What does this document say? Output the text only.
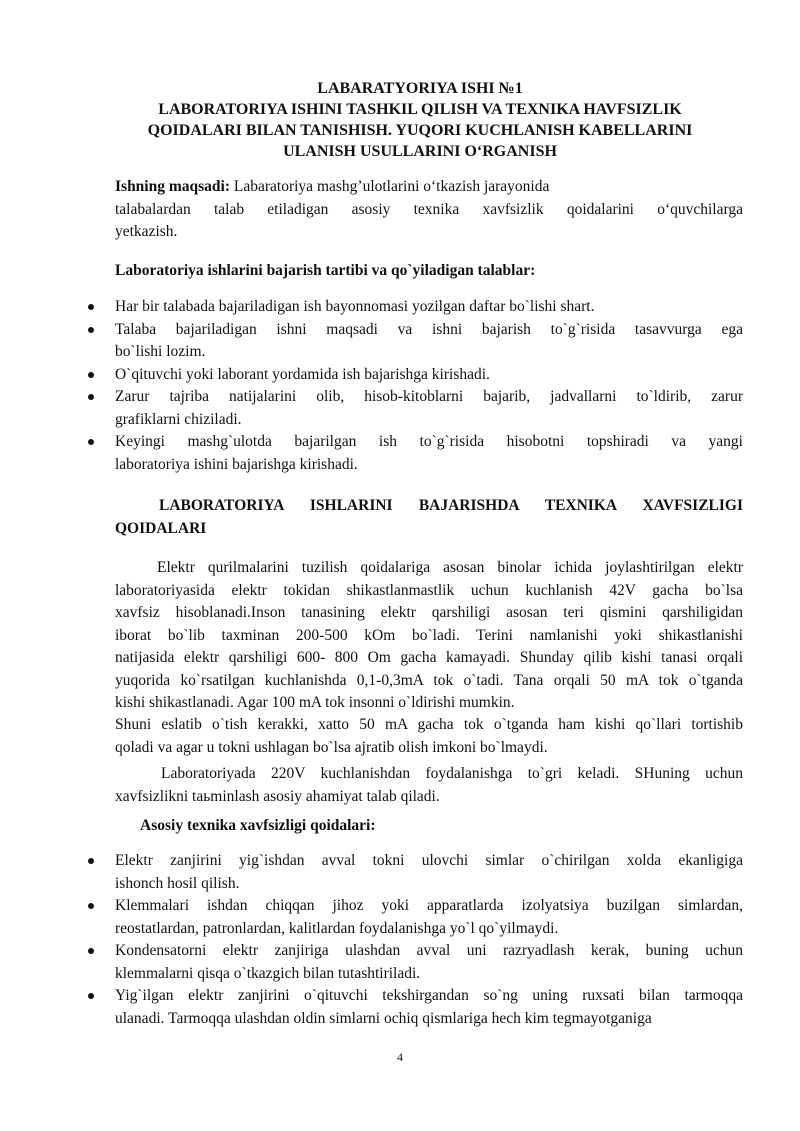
LABARATYORIYA ISHI №1
LABORATORIYA ISHINI TASHKIL QILISH VA TEXNIKA HAVFSIZLIK
QOIDALARI BILAN TANISHISH. YUQORI KUCHLANISH KABELLARINI
ULANISH USULLARINI OʻRGANISH
Ishning maqsadi: Labaratoriya mashg’ulotlarini oʻtkazish jarayonida
talabalardan talab etiladigan asosiy texnika xavfsizlik qoidalarini oʻquvchilarga
yetkazish.
Laboratoriya ishlarini bajarish tartibi va qo`yiladigan talablar:
Har bir talabada bajariladigan ish bayonnomasi yozilgan daftar bo`lishi shart.
Talaba bajariladigan ishni maqsadi va ishni bajarish to`g`risida tasavvurga ega
bo`lishi lozim.
O`qituvchi yoki laborant yordamida ish bajarishga kirishadi.
Zarur tajriba natijalarini olib, hisob-kitoblarni bajarib, jadvallarni to`ldirib, zarur
grafiklarni chiziladi.
Keyingi mashg`ulotda bajarilgan ish to`g`risida hisobotni topshiradi va yangi
laboratoriya ishini bajarishga kirishadi.
LABORATORIYA ISHLARINI BAJARISHDA TEXNIKA XAVFSIZLIGI
QOIDALARI
Elektr qurilmalarini tuzilish qoidalariga asosan binolar ichida joylashtirilgan elektr
laboratoriyasida elektr tokidan shikastlanmastlik uchun kuchlanish 42V gacha bo`lsa
xavfsiz hisoblanadi.Inson tanasining elektr qarshiligi asosan teri qismini qarshiligidan
iborat bo`lib taxminan 200-500 kOm bo`ladi. Terini namlanishi yoki shikastlanishi
natijasida elektr qarshiligi 600- 800 Om gacha kamayadi. Shunday qilib kishi tanasi orqali
yuqorida ko`rsatilgan kuchlanishda 0,1-0,3mA tok o`tadi. Tana orqali 50 mA tok o`tganda
kishi shikastlanadi. Agar 100 mA tok insonni o`ldirishi mumkin.
Shuni eslatib o`tish kerakki, xatto 50 mA gacha tok o`tganda ham kishi qo`llari tortishib
qoladi va agar u tokni ushlagan bo`lsa ajratib olish imkoni bo`lmaydi.
Laboratoriyada 220V kuchlanishdan foydalanishga to`gri keladi. SHuning uchun
xavfsizlikni taьminlash asosiy ahamiyat talab qiladi.
Asosiy texnika xavfsizligi qoidalari:
Elektr zanjirini yig`ishdan avval tokni ulovchi simlar o`chirilgan xolda ekanligiga
ishonch hosil qilish.
Klemmalari ishdan chiqqan jihoz yoki apparatlarda izolyatsiya buzilgan simlardan,
reostatlardan, patronlardan, kalitlardan foydalanishga yo`l qo`yilmaydi.
Kondensatorni elektr zanjiriga ulashdan avval uni razryadlash kerak, buning uchun
klemmalarni qisqa o`tkazgich bilan tutashtiriladi.
Yig`ilgan elektr zanjirini o`qituvchi tekshirgandan so`ng uning ruxsati bilan tarmoqqa
ulanadi. Tarmoqqa ulashdan oldin simlarni ochiq qismlariga hech kim tegmayotganiga
4
